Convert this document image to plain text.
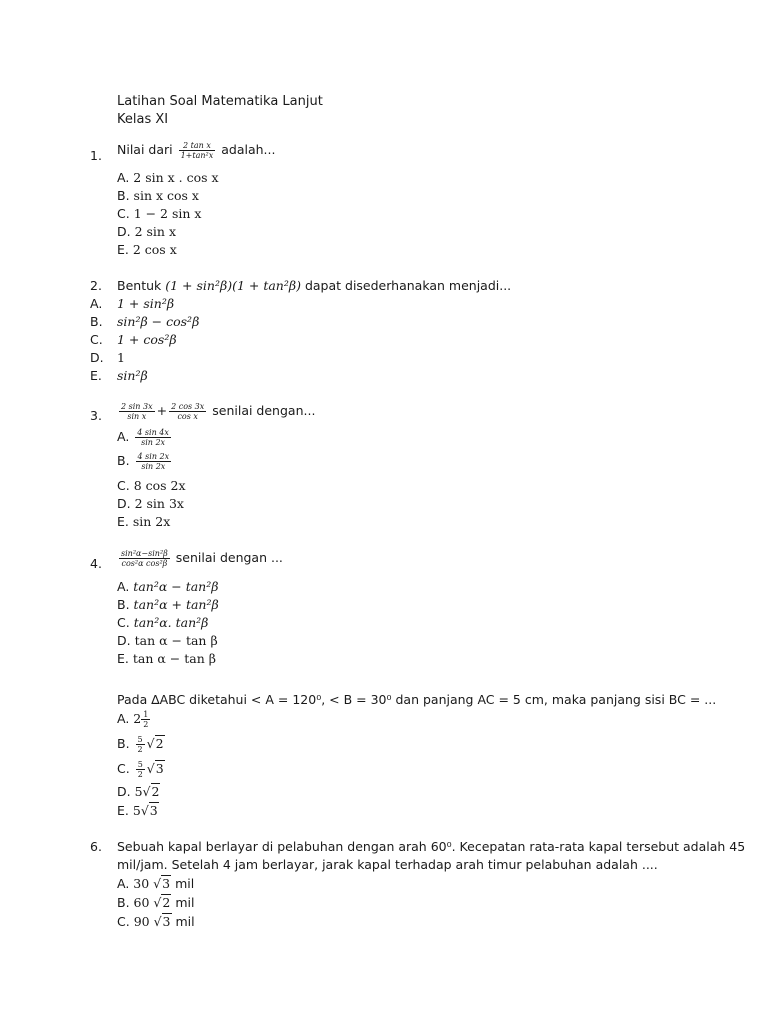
Latihan Soal Matematika Lanjut
Kelas XI
1. Nilai dari $\frac{\text{2 tan x}}{\text{1+tan²x}}$ adalah...
A. 2 sin x . cos x
B. sin x cos x
C. 1 − 2 sin x
D. 2 sin x
E. 2 cos x
2. Bentuk (1 + sin²β)(1 + tan²β) dapat disederhanakan menjadi...
A. 1 + sin²β
B. sin²β − cos²β
C. 1 + cos²β
D. 1
E. sin²β
3. $\frac{2 \sin 3x}{\text{sin x}} + \frac{2 \cos 3x}{\text{cos x}}$ senilai dengan...
A. $\frac{4 \sin 4x}{\sin 2x}$
B. $\frac{4 \sin 2x}{\sin 2x}$
C. 8 cos 2x
D. 2 sin 3x
E. sin 2x
4. $\frac{\text{sin²α−sin²β}}{\text{cos²α cos²β}}$ senilai dengan ...
A. tan²α − tan²β
B. tan²α + tan²β
C. tan²α. tan²β
D. tan α − tan β
E. tan α − tan β
Pada ∆ABC diketahui < A = 120⁰, < B = 30⁰ dan panjang AC = 5 cm, maka panjang sisi BC = ...
A. $2 \frac{1}{2}$
B. $\frac{5}{2} √2$
C. $\frac{5}{2} √3$
D. 5√2
E. 5√3
6. Sebuah kapal berlayar di pelabuhan dengan arah 60⁰. Kecepatan rata-rata kapal tersebut adalah 45
mil/jam. Setelah 4 jam berlayar, jarak kapal terhadap arah timur pelabuhan adalah ....
A. 30 √3 mil
B. 60 √2 mil
C. 90 √3 mil
